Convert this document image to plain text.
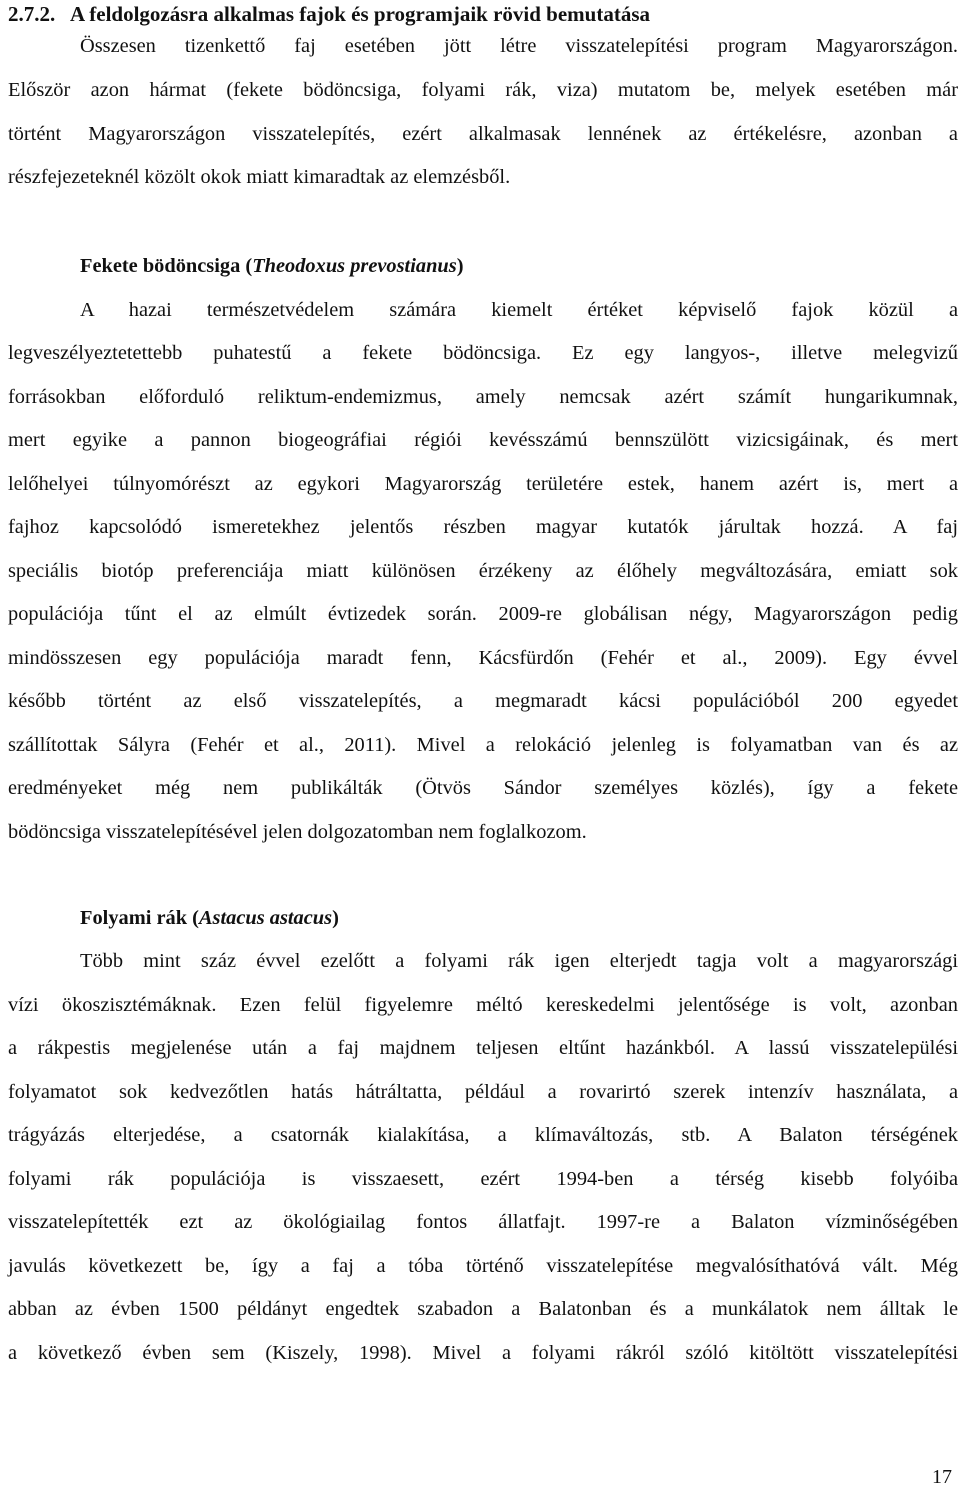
2.7.2. A feldolgozásra alkalmas fajok és programjaik rövid bemutatása
Összesen tizenkettő faj esetében jött létre visszatelepítési program Magyarországon.
Először azon hármat (fekete bödöncsiga, folyami rák, viza) mutatom be, melyek esetében már
történt Magyarországon visszatelepítés, ezért alkalmasak lennének az értékelésre, azonban a
részfejezeteknél közölt okok miatt kimaradtak az elemzésből.
Fekete bödöncsiga (Theodoxus prevostianus)
A hazai természetvédelem számára kiemelt értéket képviselő fajok közül a
legveszélyeztetettebb puhatestű a fekete bödöncsiga. Ez egy langyos-, illetve melegvizű
forrásokban előforduló reliktum-endemizmus, amely nemcsak azért számít hungarikumnak,
mert egyike a pannon biogeográfiai régiói kevésszámú bennszülött vizicsigáinak, és mert
lelőhelyei túlnyomórészt az egykori Magyarország területére estek, hanem azért is, mert a
fajhoz kapcsolódó ismeretekhez jelentős részben magyar kutatók járultak hozzá. A faj
speciális biotóp preferenciája miatt különösen érzékeny az élőhely megváltozására, emiatt sok
populációja tűnt el az elmúlt évtizedek során. 2009-re globálisan négy, Magyarországon pedig
mindösszesen egy populációja maradt fenn, Kácsfürdőn (Fehér et al., 2009). Egy évvel
később történt az első visszatelepítés, a megmaradt kácsi populációból 200 egyedet
szállítottak Sályra (Fehér et al., 2011). Mivel a relokáció jelenleg is folyamatban van és az
eredményeket még nem publikálták (Ötvös Sándor személyes közlés), így a fekete
bödöncsiga visszatelepítésével jelen dolgozatomban nem foglalkozom.
Folyami rák (Astacus astacus)
Több mint száz évvel ezelőtt a folyami rák igen elterjedt tagja volt a magyarországi
vízi ökoszisztémáknak. Ezen felül figyelemre méltó kereskedelmi jelentősége is volt, azonban
a rákpestis megjelenése után a faj majdnem teljesen eltűnt hazánkból. A lassú visszatelepülési
folyamatot sok kedvezőtlen hatás hátráltatta, például a rovarirtó szerek intenzív használata, a
trágyázás elterjedése, a csatornák kialakítása, a klímaváltozás, stb. A Balaton térségének
folyami rák populációja is visszaesett, ezért 1994-ben a térség kisebb folyóiba
visszatelepítették ezt az ökológiailag fontos állatfajt. 1997-re a Balaton vízminőségében
javulás következett be, így a faj a tóba történő visszatelepítése megvalósíthatóvá vált. Még
abban az évben 1500 példányt engedtek szabadon a Balatonban és a munkálatok nem álltak le
a következő évben sem (Kiszely, 1998). Mivel a folyami rákról szóló kitöltött visszatelepítési
17
